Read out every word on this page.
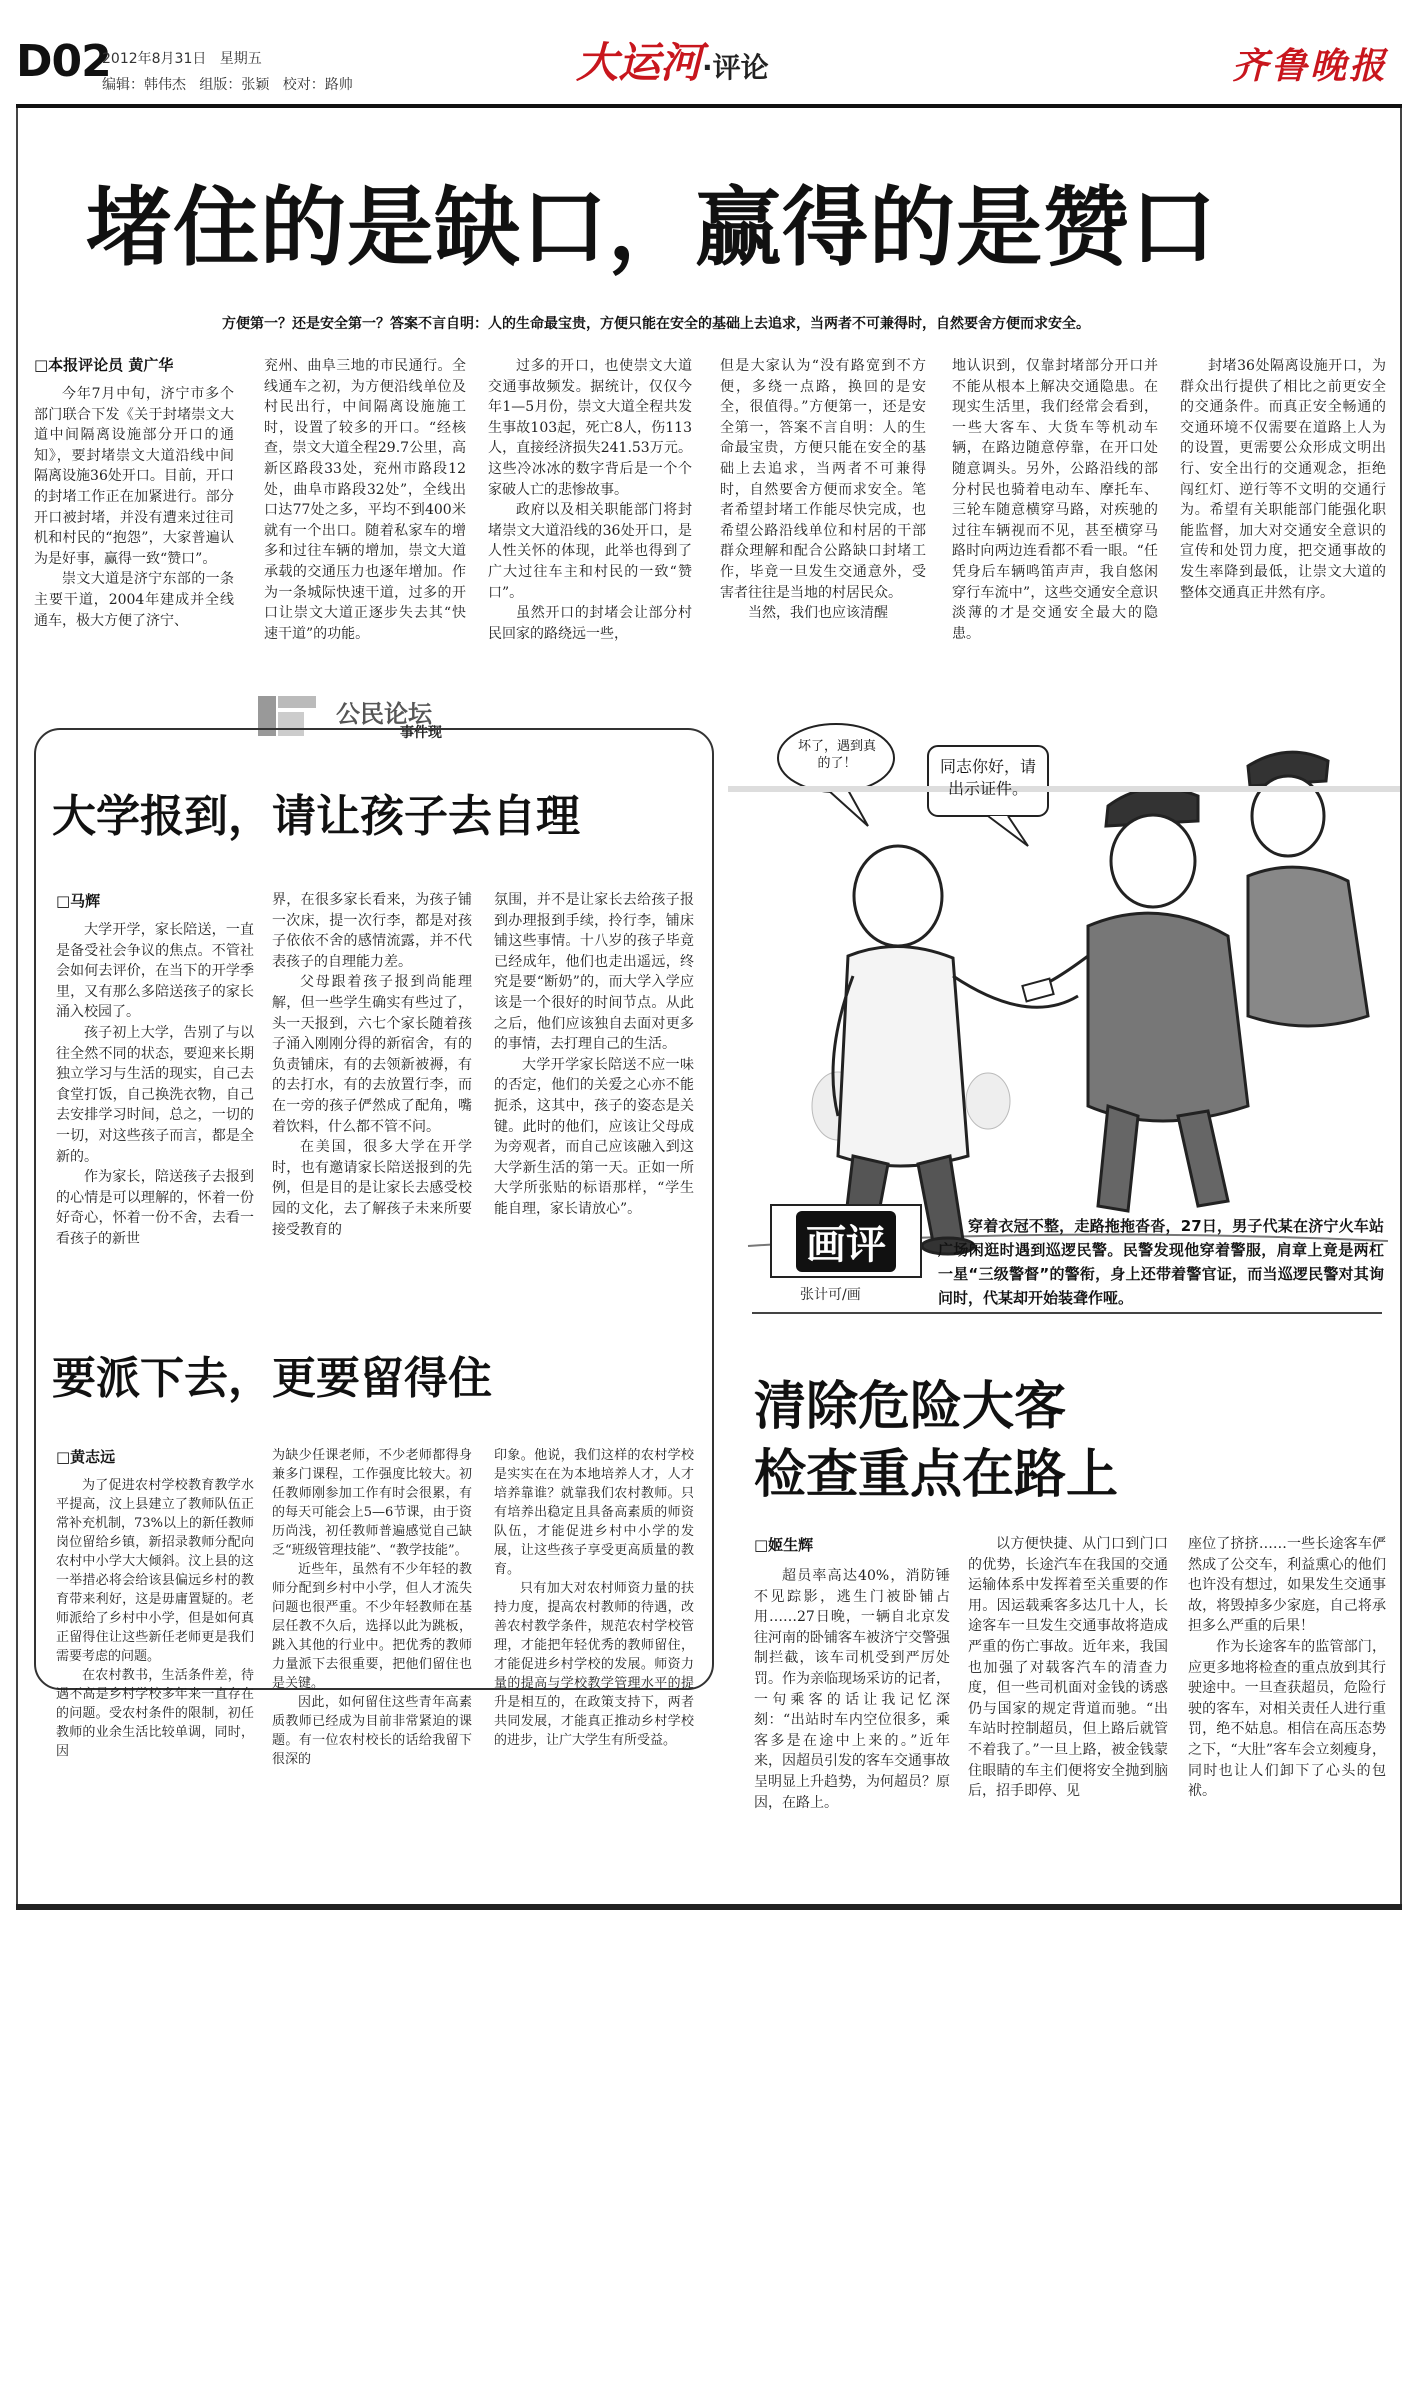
D02
2012年8月31日 星期五
编辑：韩伟杰 组版：张颖 校对：路帅	大运河·评论	齐鲁晚报
堵住的是缺口，赢得的是赞口
方便第一？还是安全第一？答案不言自明：人的生命最宝贵，方便只能在安全的基础上去追求，当两者不可兼得时，自然要舍方便而求安全。
□本报评论员 黄广华

今年7月中旬，济宁市多个部门联合下发《关于封堵崇文大道中间隔离设施部分开口的通知》，要封堵崇文大道沿线中间隔离设施36处开口。目前，开口的封堵工作正在加紧进行。部分开口被封堵，并没有遭来过往司机和村民的“抱怨”，大家普遍认为是好事，赢得一致“赞口”。

崇文大道是济宁东部的一条主要干道，2004年建成并全线通车，极大方便了济宁、

兖州、曲阜三地的市民通行。全线通车之初，为方便沿线单位及村民出行，中间隔离设施施工时，设置了较多的开口。“经核查，崇文大道全程29.7公里，高新区路段33处，兖州市路段12处，曲阜市路段32处”，全线出口达77处之多，平均不到400米就有一个出口。随着私家车的增多和过往车辆的增加，崇文大道承载的交通压力也逐年增加。作为一条城际快速干道，过多的开口让崇文大道正逐步失去其“快速干道”的功能。

过多的开口，也使崇文大道交通事故频发。据统计，仅仅今年1—5月份，崇文大道全程共发生事故103起，死亡8人，伤113人，直接经济损失241.53万元。这些冷冰冰的数字背后是一个个家破人亡的悲惨故事。

政府以及相关职能部门将封堵崇文大道沿线的36处开口，是人性关怀的体现，此举也得到了广大过往车主和村民的一致“赞口”。

虽然开口的封堵会让部分村民回家的路绕远一些，

但是大家认为“没有路宽到不方便，多绕一点路，换回的是安全，很值得。”方便第一，还是安全第一，答案不言自明：人的生命最宝贵，方便只能在安全的基础上去追求，当两者不可兼得时，自然要舍方便而求安全。笔者希望封堵工作能尽快完成，也希望公路沿线单位和村居的干部群众理解和配合公路缺口封堵工作，毕竟一旦发生交通意外，受害者往往是当地的村居民众。

当然，我们也应该清醒

地认识到，仅靠封堵部分开口并不能从根本上解决交通隐患。在现实生活里，我们经常会看到，一些大客车、大货车等机动车辆，在路边随意停靠，在开口处随意调头。另外，公路沿线的部分村民也骑着电动车、摩托车、三轮车随意横穿马路，对疾驰的过往车辆视而不见，甚至横穿马路时向两边连看都不看一眼。“任凭身后车辆鸣笛声声，我自悠闲穿行车流中”，这些交通安全意识淡薄的才是交通安全最大的隐患。

封堵36处隔离设施开口，为群众出行提供了相比之前更安全的交通条件。而真正安全畅通的交通环境不仅需要在道路上人为的设置，更需要公众形成文明出行、安全出行的交通观念，拒绝闯红灯、逆行等不文明的交通行为。希望有关职能部门能强化职能监督，加大对交通安全意识的宣传和处罚力度，把交通事故的发生率降到最低，让崇文大道的整体交通真正井然有序。

公民论坛
事件现
大学报到，请让孩子去自理
□马辉

大学开学，家长陪送，一直是备受社会争议的焦点。不管社会如何去评价，在当下的开学季里，又有那么多陪送孩子的家长涌入校园了。

孩子初上大学，告别了与以往全然不同的状态，要迎来长期独立学习与生活的现实，自己去食堂打饭，自己换洗衣物，自己去安排学习时间，总之，一切的一切，对这些孩子而言，都是全新的。

作为家长，陪送孩子去报到的心情是可以理解的，怀着一份好奇心，怀着一份不舍，去看一看孩子的新世

界，在很多家长看来，为孩子铺一次床，提一次行李，都是对孩子依依不舍的感情流露，并不代表孩子的自理能力差。

父母跟着孩子报到尚能理解，但一些学生确实有些过了，头一天报到，六七个家长随着孩子涌入刚刚分得的新宿舍，有的负责铺床，有的去领新被褥，有的去打水，有的去放置行李，而在一旁的孩子俨然成了配角，嘴着饮料，什么都不管不问。

在美国，很多大学在开学时，也有邀请家长陪送报到的先例，但是目的是让家长去感受校园的文化，去了解孩子未来所要接受教育的

氛围，并不是让家长去给孩子报到办理报到手续，拎行李，铺床铺这些事情。十八岁的孩子毕竟已经成年，他们也走出遥远，终究是要“断奶”的，而大学入学应该是一个很好的时间节点。从此之后，他们应该独自去面对更多的事情，去打理自己的生活。

大学开学家长陪送不应一味的否定，他们的关爱之心亦不能扼杀，这其中，孩子的姿态是关键。此时的他们，应该让父母成为旁观者，而自己应该融入到这大学新生活的第一天。正如一所大学所张贴的标语那样，“学生能自理，家长请放心”。

要派下去，更要留得住
□黄志远

为了促进农村学校教育教学水平提高，汶上县建立了教师队伍正常补充机制，73%以上的新任教师岗位留给乡镇，新招录教师分配向农村中小学大大倾斜。汶上县的这一举措必将会给该县偏远乡村的教育带来利好，这是毋庸置疑的。老师派给了乡村中小学，但是如何真正留得住让这些新任老师更是我们需要考虑的问题。

在农村教书，生活条件差，待遇不高是乡村学校多年来一直存在的问题。受农村条件的限制，初任教师的业余生活比较单调，同时，因

为缺少任课老师，不少老师都得身兼多门课程，工作强度比较大。初任教师刚参加工作有时会很累，有的每天可能会上5—6节课，由于资历尚浅，初任教师普遍感觉自己缺乏“班级管理技能”、“教学技能”。

近些年，虽然有不少年轻的教师分配到乡村中小学，但人才流失问题也很严重。不少年轻教师在基层任教不久后，选择以此为跳板，跳入其他的行业中。把优秀的教师力量派下去很重要，把他们留住也是关键。

因此，如何留住这些青年高素质教师已经成为目前非常紧迫的课题。有一位农村校长的话给我留下很深的

印象。他说，我们这样的农村学校是实实在在为本地培养人才，人才培养靠谁？就靠我们农村教师。只有培养出稳定且具备高素质的师资队伍，才能促进乡村中小学的发展，让这些孩子享受更高质量的教育。

只有加大对农村师资力量的扶持力度，提高农村教师的待遇，改善农村教学条件，规范农村学校管理，才能把年轻优秀的教师留住，才能促进乡村学校的发展。师资力量的提高与学校教学管理水平的提升是相互的，在政策支持下，两者共同发展，才能真正推动乡村学校的进步，让广大学生有所受益。

坏了，遇到真的了！	同志你好，请出示证件。
画评
张计可/画
穿着衣冠不整，走路拖拖沓沓，27日，男子代某在济宁火车站广场闲逛时遇到巡逻民警。民警发现他穿着警服，肩章上竟是两杠一星“三级警督”的警衔，身上还带着警官证，而当巡逻民警对其询问时，代某却开始装聋作哑。
清除危险大客
检查重点在路上
□姬生辉

超员率高达40%，消防锤不见踪影，逃生门被卧铺占用……27日晚，一辆自北京发往河南的卧铺客车被济宁交警强制拦截，该车司机受到严厉处罚。作为亲临现场采访的记者，一句乘客的话让我记忆深刻：“出站时车内空位很多，乘客多是在途中上来的。”近年来，因超员引发的客车交通事故呈明显上升趋势，为何超员？原因，在路上。

以方便快捷、从门口到门口的优势，长途汽车在我国的交通运输体系中发挥着至关重要的作用。因运载乘客多达几十人，长途客车一旦发生交通事故将造成严重的伤亡事故。近年来，我国也加强了对载客汽车的清查力度，但一些司机面对金钱的诱惑仍与国家的规定背道而驰。“出车站时控制超员，但上路后就管不着我了。”一旦上路，被金钱蒙住眼睛的车主们便将安全抛到脑后，招手即停、见

座位了挤挤……一些长途客车俨然成了公交车，利益熏心的他们也许没有想过，如果发生交通事故，将毁掉多少家庭，自己将承担多么严重的后果！

作为长途客车的监管部门，应更多地将检查的重点放到其行驶途中。一旦查获超员，危险行驶的客车，对相关责任人进行重罚，绝不姑息。相信在高压态势之下，“大肚”客车会立刻瘦身，同时也让人们卸下了心头的包袱。
